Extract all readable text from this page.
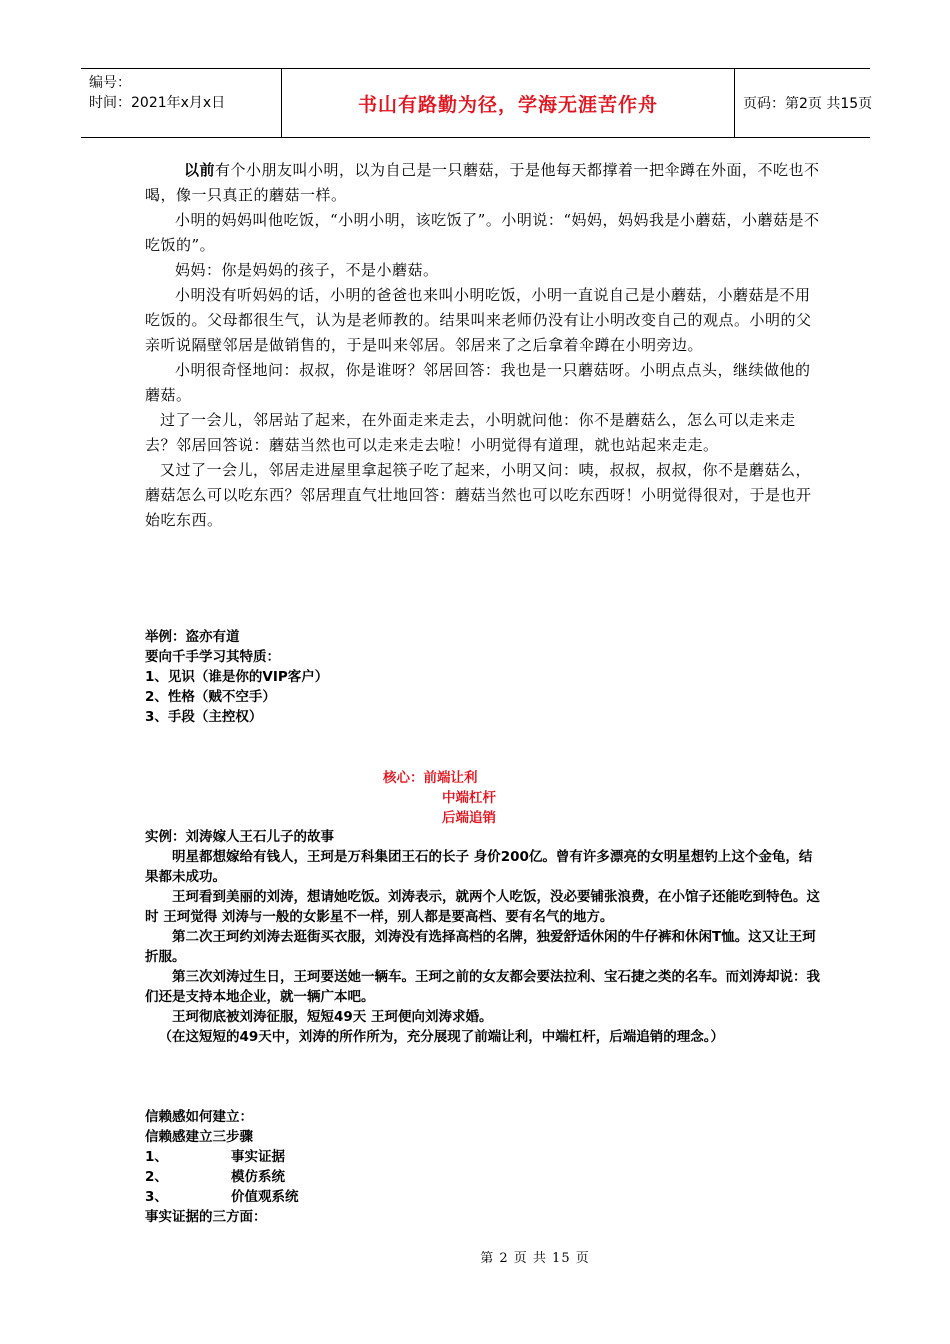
编号：
时间：2021年x月x日	书山有路勤为径，学海无涯苦作舟	页码：第2页 共15页

以前有个小朋友叫小明，以为自己是一只蘑菇，于是他每天都撑着一把伞蹲在外面，不吃也不喝，像一只真正的蘑菇一样。

小明的妈妈叫他吃饭，“小明小明，该吃饭了”。小明说：“妈妈，妈妈我是小蘑菇，小蘑菇是不吃饭的”。

妈妈：你是妈妈的孩子，不是小蘑菇。

小明没有听妈妈的话，小明的爸爸也来叫小明吃饭，小明一直说自己是小蘑菇，小蘑菇是不用吃饭的。父母都很生气，认为是老师教的。结果叫来老师仍没有让小明改变自己的观点。小明的父亲听说隔壁邻居是做销售的，于是叫来邻居。邻居来了之后拿着伞蹲在小明旁边。

小明很奇怪地问：叔叔，你是谁呀？邻居回答：我也是一只蘑菇呀。小明点点头，继续做他的蘑菇。

过了一会儿，邻居站了起来，在外面走来走去，小明就问他：你不是蘑菇么，怎么可以走来走去？邻居回答说：蘑菇当然也可以走来走去啦！小明觉得有道理，就也站起来走走。

又过了一会儿，邻居走进屋里拿起筷子吃了起来，小明又问：咦，叔叔，叔叔，你不是蘑菇么，蘑菇怎么可以吃东西？邻居理直气壮地回答：蘑菇当然也可以吃东西呀！小明觉得很对，于是也开始吃东西。

举例：盗亦有道

要向千手学习其特质：

1、见识（谁是你的VIP客户）

2、性格（贼不空手）

3、手段（主控权）

核心：前端让利
中端杠杆
后端追销

实例：刘涛嫁人王石儿子的故事

明星都想嫁给有钱人，王珂是万科集团王石的长子 身价200亿。曾有许多漂亮的女明星想钓上这个金龟，结果都未成功。

王珂看到美丽的刘涛，想请她吃饭。刘涛表示，就两个人吃饭，没必要铺张浪费，在小馆子还能吃到特色。这时 王珂觉得 刘涛与一般的女影星不一样，别人都是要高档、要有名气的地方。

第二次王珂约刘涛去逛街买衣服，刘涛没有选择高档的名牌，独爱舒适休闲的牛仔裤和休闲T恤。这又让王珂折服。

第三次刘涛过生日，王珂要送她一辆车。王珂之前的女友都会要法拉利、宝石捷之类的名车。而刘涛却说：我们还是支持本地企业，就一辆广本吧。

王珂彻底被刘涛征服，短短49天 王珂便向刘涛求婚。

（在这短短的49天中，刘涛的所作所为，充分展现了前端让利，中端杠杆，后端追销的理念。）

信赖感如何建立：

信赖感建立三步骤

1、	事实证据

2、	模仿系统

3、	价值观系统

事实证据的三方面：

第 2 页 共 15 页
